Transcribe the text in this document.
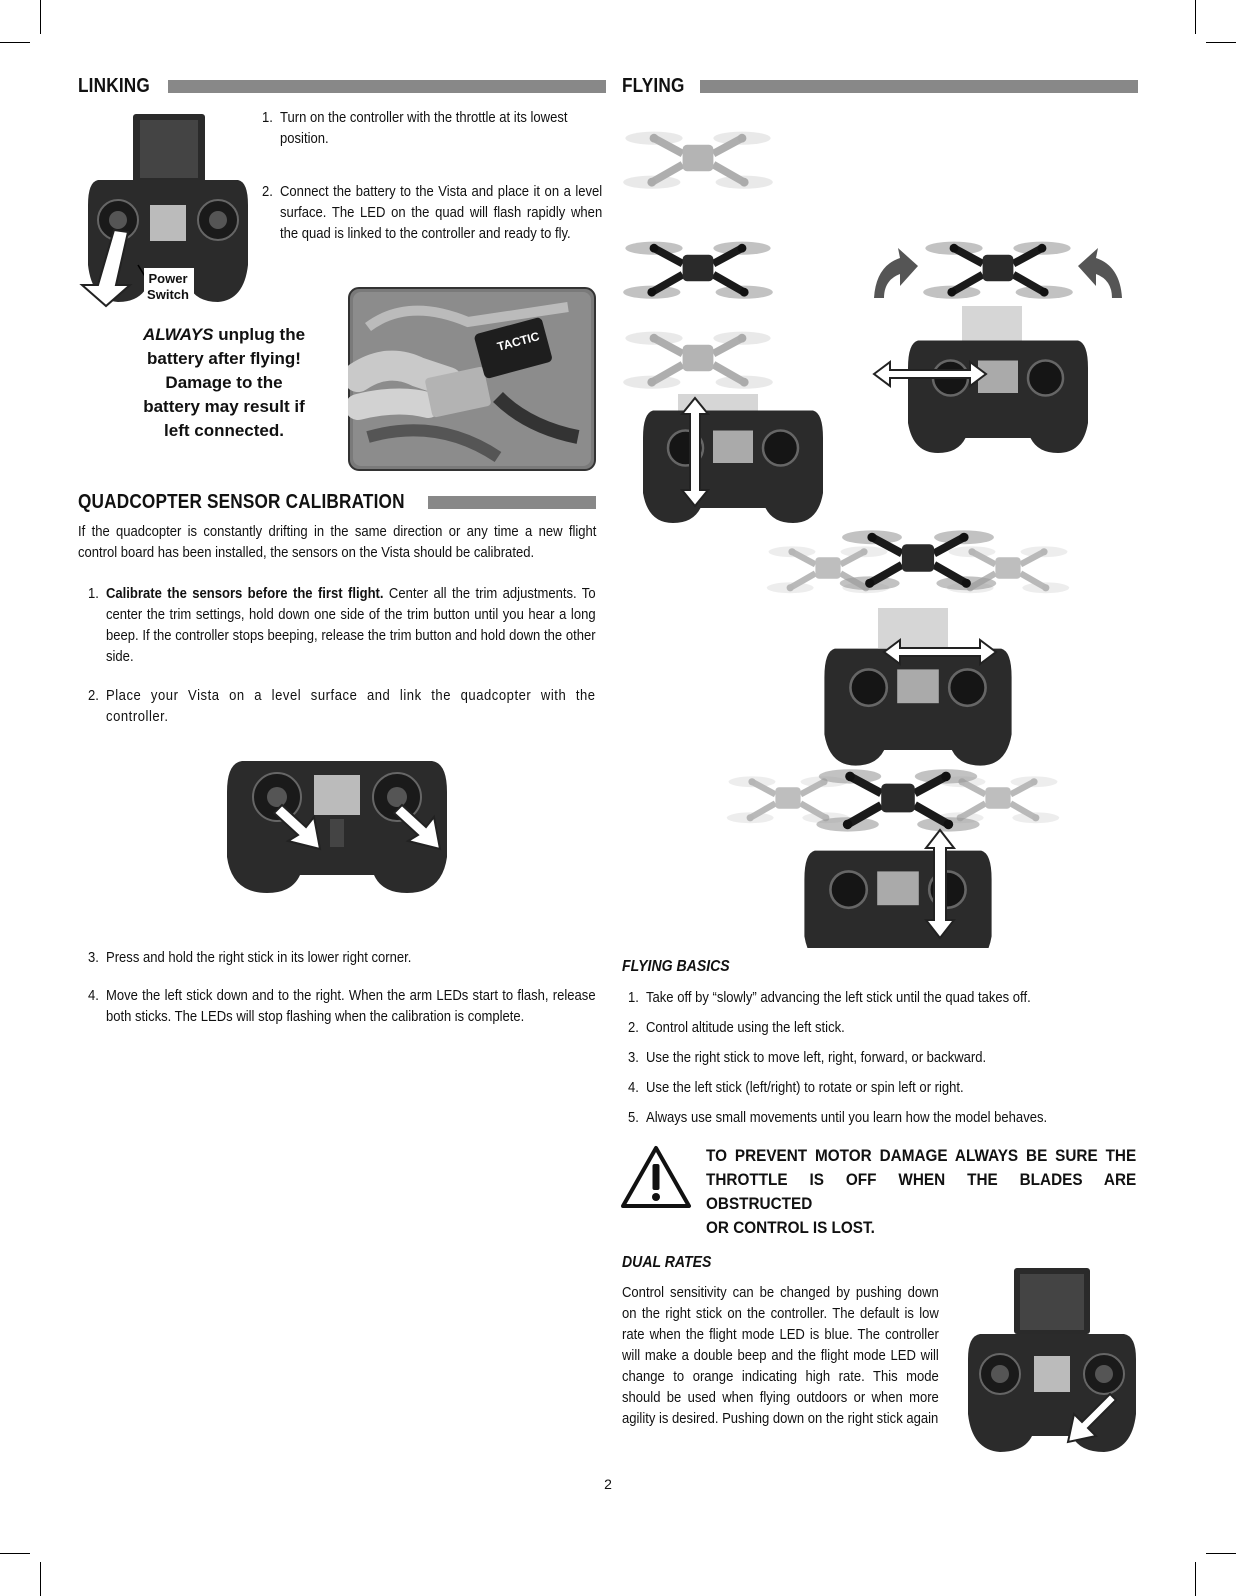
LINKING
Power
Switch
1. Turn on the controller with the throttle at its lowest position.
2. Connect the battery to the Vista and place it on a level surface. The LED on the quad will flash rapidly when the quad is linked to the controller and ready to fly.
ALWAYS unplug the battery after flying! Damage to the battery may result if left connected.
TACTIC
QUADCOPTER SENSOR CALIBRATION
If the quadcopter is constantly drifting in the same direction or any time a new flight control board has been installed, the sensors on the Vista should be calibrated.
1. Calibrate the sensors before the first flight. Center all the trim adjustments. To center the trim settings, hold down one side of the trim button until you hear a long beep. If the controller stops beeping, release the trim button and hold down the other side.
2. Place your Vista on a level surface and link the quadcopter with the controller.
3. Press and hold the right stick in its lower right corner.
4. Move the left stick down and to the right. When the arm LEDs start to flash, release both sticks. The LEDs will stop flashing when the calibration is complete.
FLYING
FLYING BASICS
1. Take off by “slowly” advancing the left stick until the quad takes off.
2. Control altitude using the left stick.
3. Use the right stick to move left, right, forward, or backward.
4. Use the left stick (left/right) to rotate or spin left or right.
5. Always use small movements until you learn how the model behaves.
TO PREVENT MOTOR DAMAGE ALWAYS BE SURE THE
THROTTLE IS OFF WHEN THE BLADES ARE OBSTRUCTED
OR CONTROL IS LOST.
DUAL RATES
Control sensitivity can be changed by pushing down on the right stick on the controller. The default is low rate when the flight mode LED is blue. The controller will make a double beep and the flight mode LED will change to orange indicating high rate. This mode should be used when flying outdoors or when more agility is desired. Pushing down on the right stick again
2
